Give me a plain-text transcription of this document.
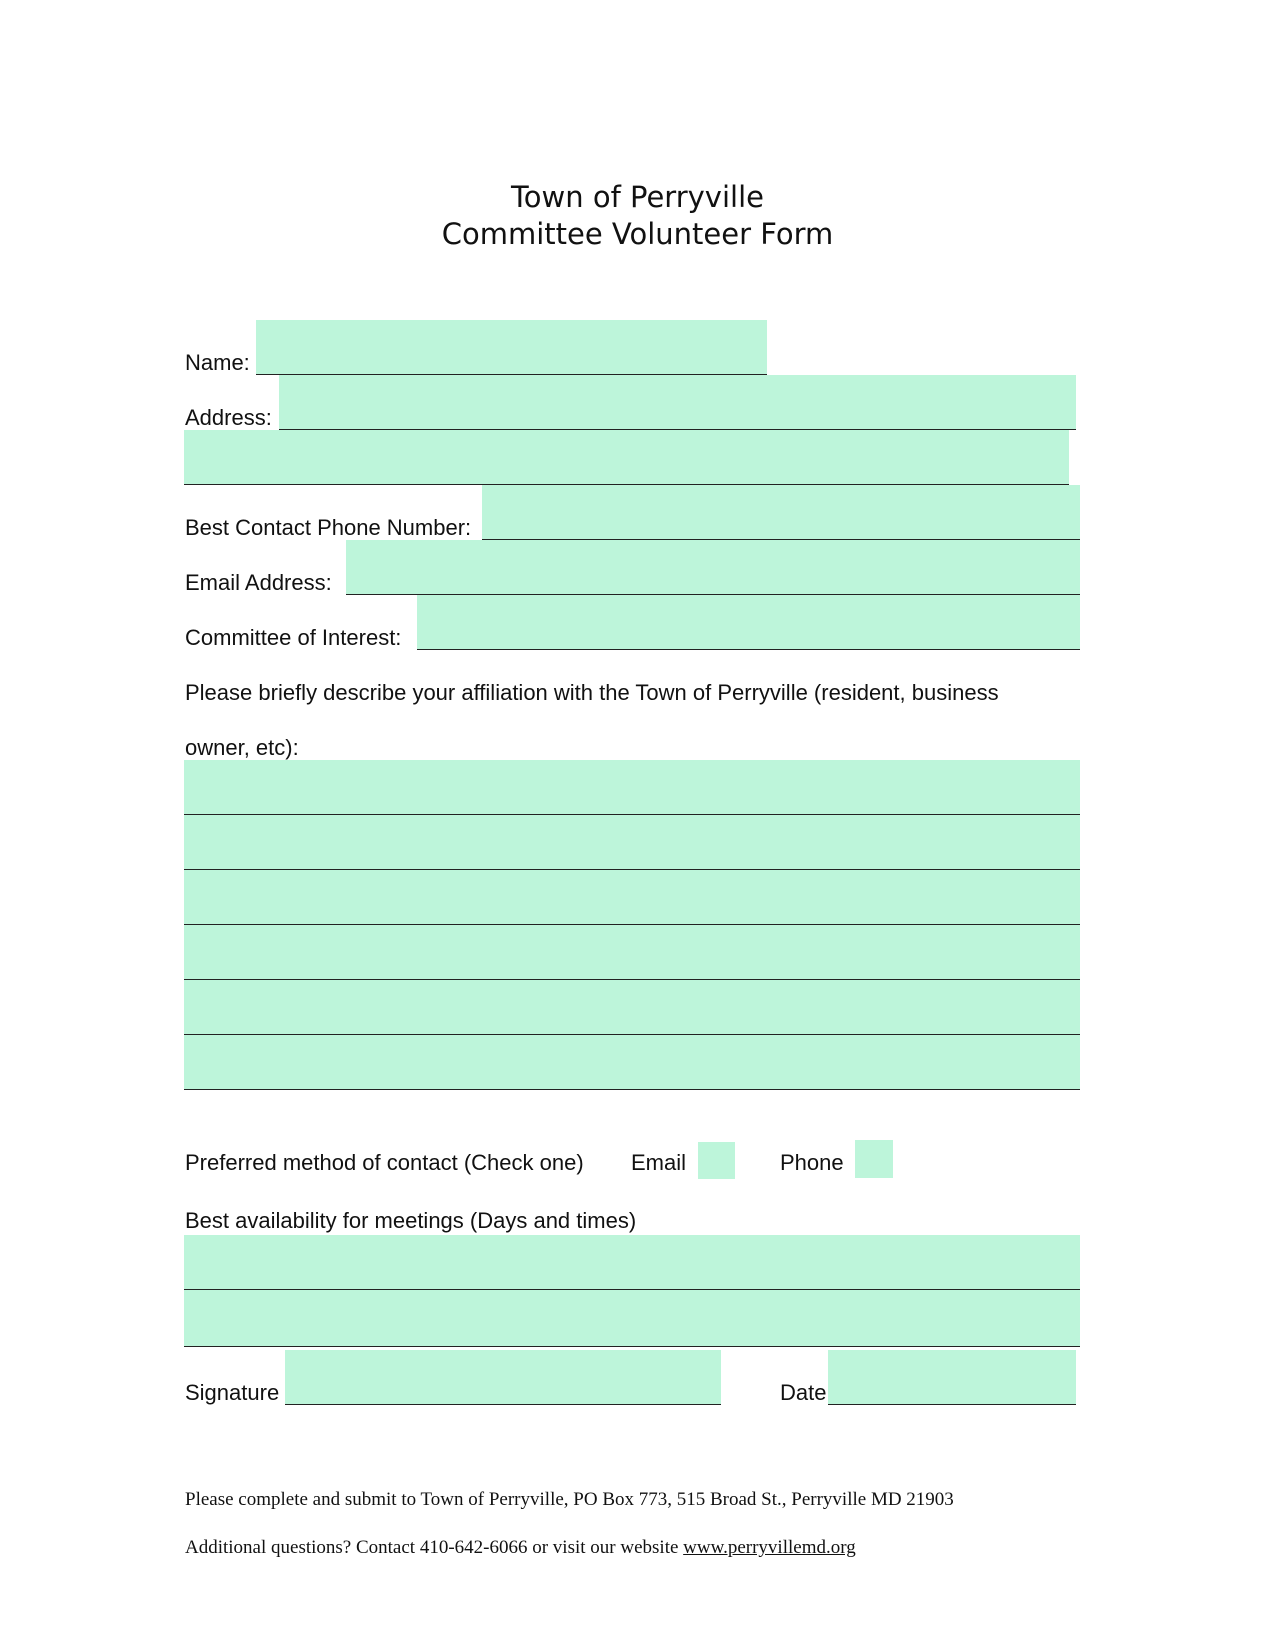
Town of Perryville
Committee Volunteer Form
Name:
Address:
Best Contact Phone Number:
Email Address:
Committee of Interest:
Please briefly describe your affiliation with the Town of Perryville (resident, business
owner, etc):
Preferred method of contact (Check one) Email	Phone
Best availability for meetings (Days and times)
Signature	Date
Please complete and submit to Town of Perryville, PO Box 773, 515 Broad St., Perryville MD 21903
Additional questions? Contact 410-642-6066 or visit our website www.perryvillemd.org
